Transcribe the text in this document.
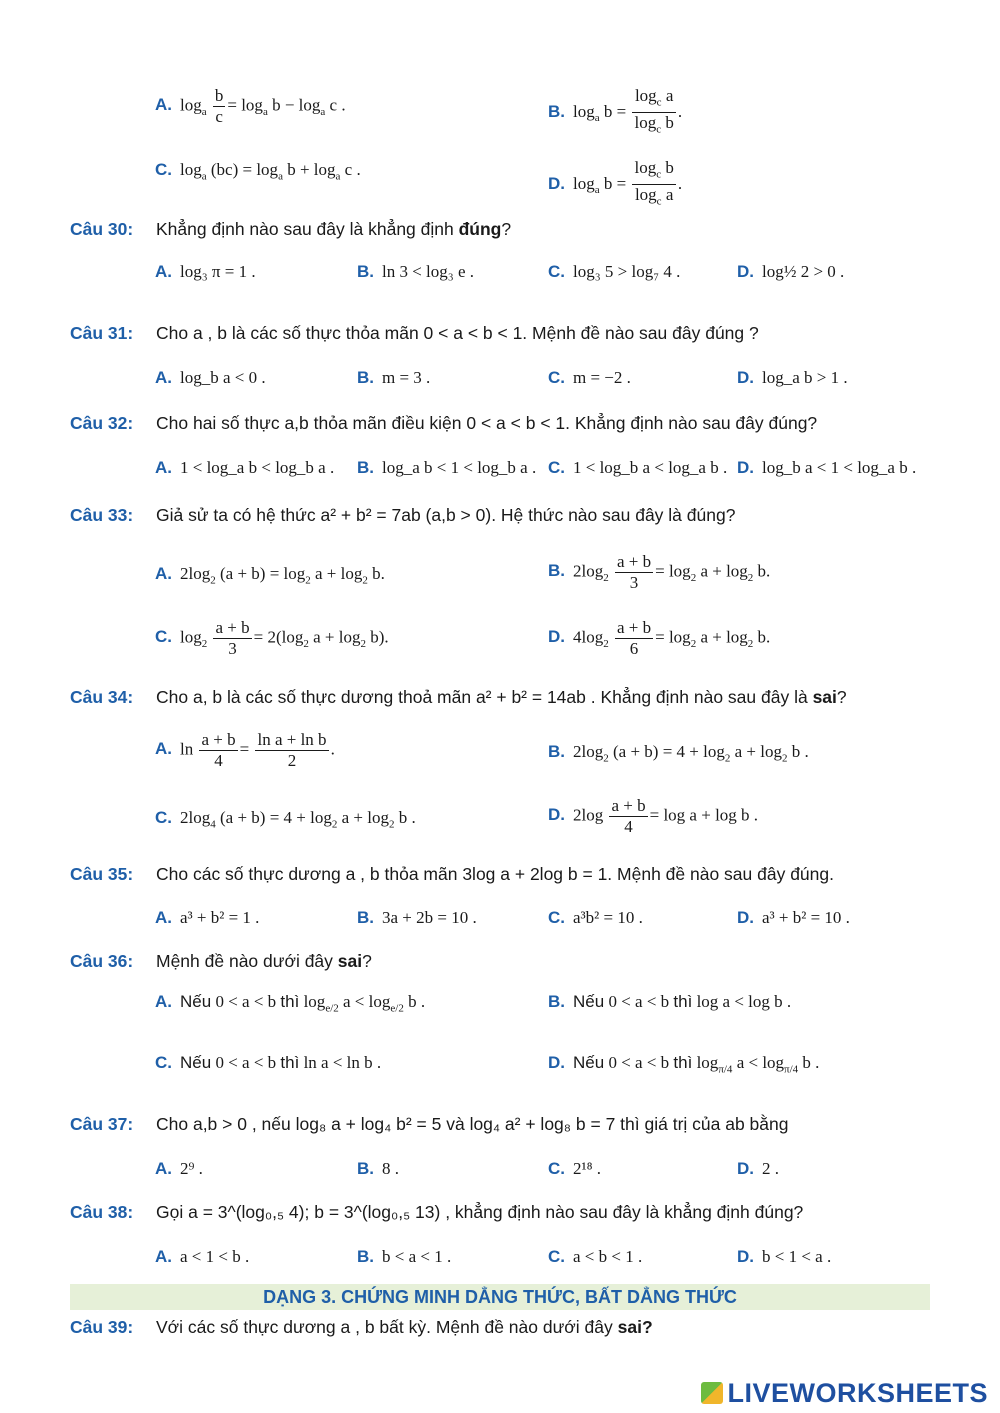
A. $\log_a \frac{b}{c} = \log_a b - \log_a c$ .	B. $\log_a b = \frac{\log_c a}{\log_c b}$ .
C. $\log_a (bc) = \log_a b + \log_a c$ .
D. $\log_a b = \frac{\log_c b}{\log_c a}$ .
Câu 30: Khẳng định nào sau đây là khẳng định đúng?
A. log₃ π = 1 .	B. ln 3 < log₃ e .	C. log₃ 5 > log₇ 4 .	D. log½ 2 > 0 .
Câu 31: Cho a , b là các số thực thỏa mãn 0 < a < b < 1. Mệnh đề nào sau đây đúng ?
A. log_b a < 0 .	B. m = 3 .	C. m = −2 .	D. log_a b > 1 .
Câu 32: Cho hai số thực a,b thỏa mãn điều kiện 0 < a < b < 1. Khẳng định nào sau đây đúng?
A. 1 < log_a b < log_b a . B. log_a b < 1 < log_b a . C. 1 < log_b a < log_a b . D. log_b a < 1 < log_a b .
Câu 33: Giả sử ta có hệ thức a² + b² = 7ab (a,b > 0). Hệ thức nào sau đây là đúng?
A. $2\log_2$ $(a + b) = \log_2 a + \log_2 b$.	B. $2\log_2 \frac{a + b}{3} = \log_2 a + \log_2 b$.
C. $\log_2 \frac{a + b}{3} = 2(\log_2$ $a + \log_2 b$).	D. $4\log_2 \frac{a + b}{6} = \log_2 a + \log_2 b$.
Câu 34: Cho a, b là các số thực dương thoả mãn a² + b² = 14ab . Khẳng định nào sau đây là sai?
A. $\ln \frac{a + b}{4} = \frac{\text{ln a + ln b}}{2}$ .	B. $2\log_2$ $(a + b) = 4 + \log_2 a + \log_2 b$ .
C. $2\log_4$ $(a + b) = 4 + \log_2 a + \log_2 b$ .	D. $2\log \frac{a + b}{4} = \log a + \log b$ .
Câu 35: Cho các số thực dương a , b thỏa mãn 3log a + 2log b = 1. Mệnh đề nào sau đây đúng.
A. a³ + b² = 1 .	B. 3a + 2b = 10 .	C. a³b² = 10 .	D. a³ + b² = 10 .
Câu 36: Mệnh đề nào dưới đây sai?
A. Nếu 0 < a < b thì $\log_{e/2} a < \log_{e/2} b$ .	B. Nếu 0 < a < b thì log a < log b .
C. Nếu 0 < a < b thì ln a < ln b .	D. Nếu 0 < a < b thì $\log_{\pi/4} a < \log_{\pi/4} b$ .
Câu 37: Cho a,b > 0 , nếu log₈ a + log₄ b² = 5 và log₄ a² + log₈ b = 7 thì giá trị của ab bằng
A. 2⁹ .	B. 8 .	C. 2¹⁸ .	D. 2 .
Câu 38: Gọi a = 3^(log₀,₅ 4); b = 3^(log₀,₅ 13) , khẳng định nào sau đây là khẳng định đúng?
A. a < 1 < b .	B. b < a < 1 .	C. a < b < 1 .	D. b < 1 < a .
DẠNG 3. CHỨNG MINH DẲNG THỨC, BẤT DẲNG THỨC
Câu 39: Với các số thực dương a , b bất kỳ. Mệnh đề nào dưới đây sai?
LIVEWORKSHEETS
